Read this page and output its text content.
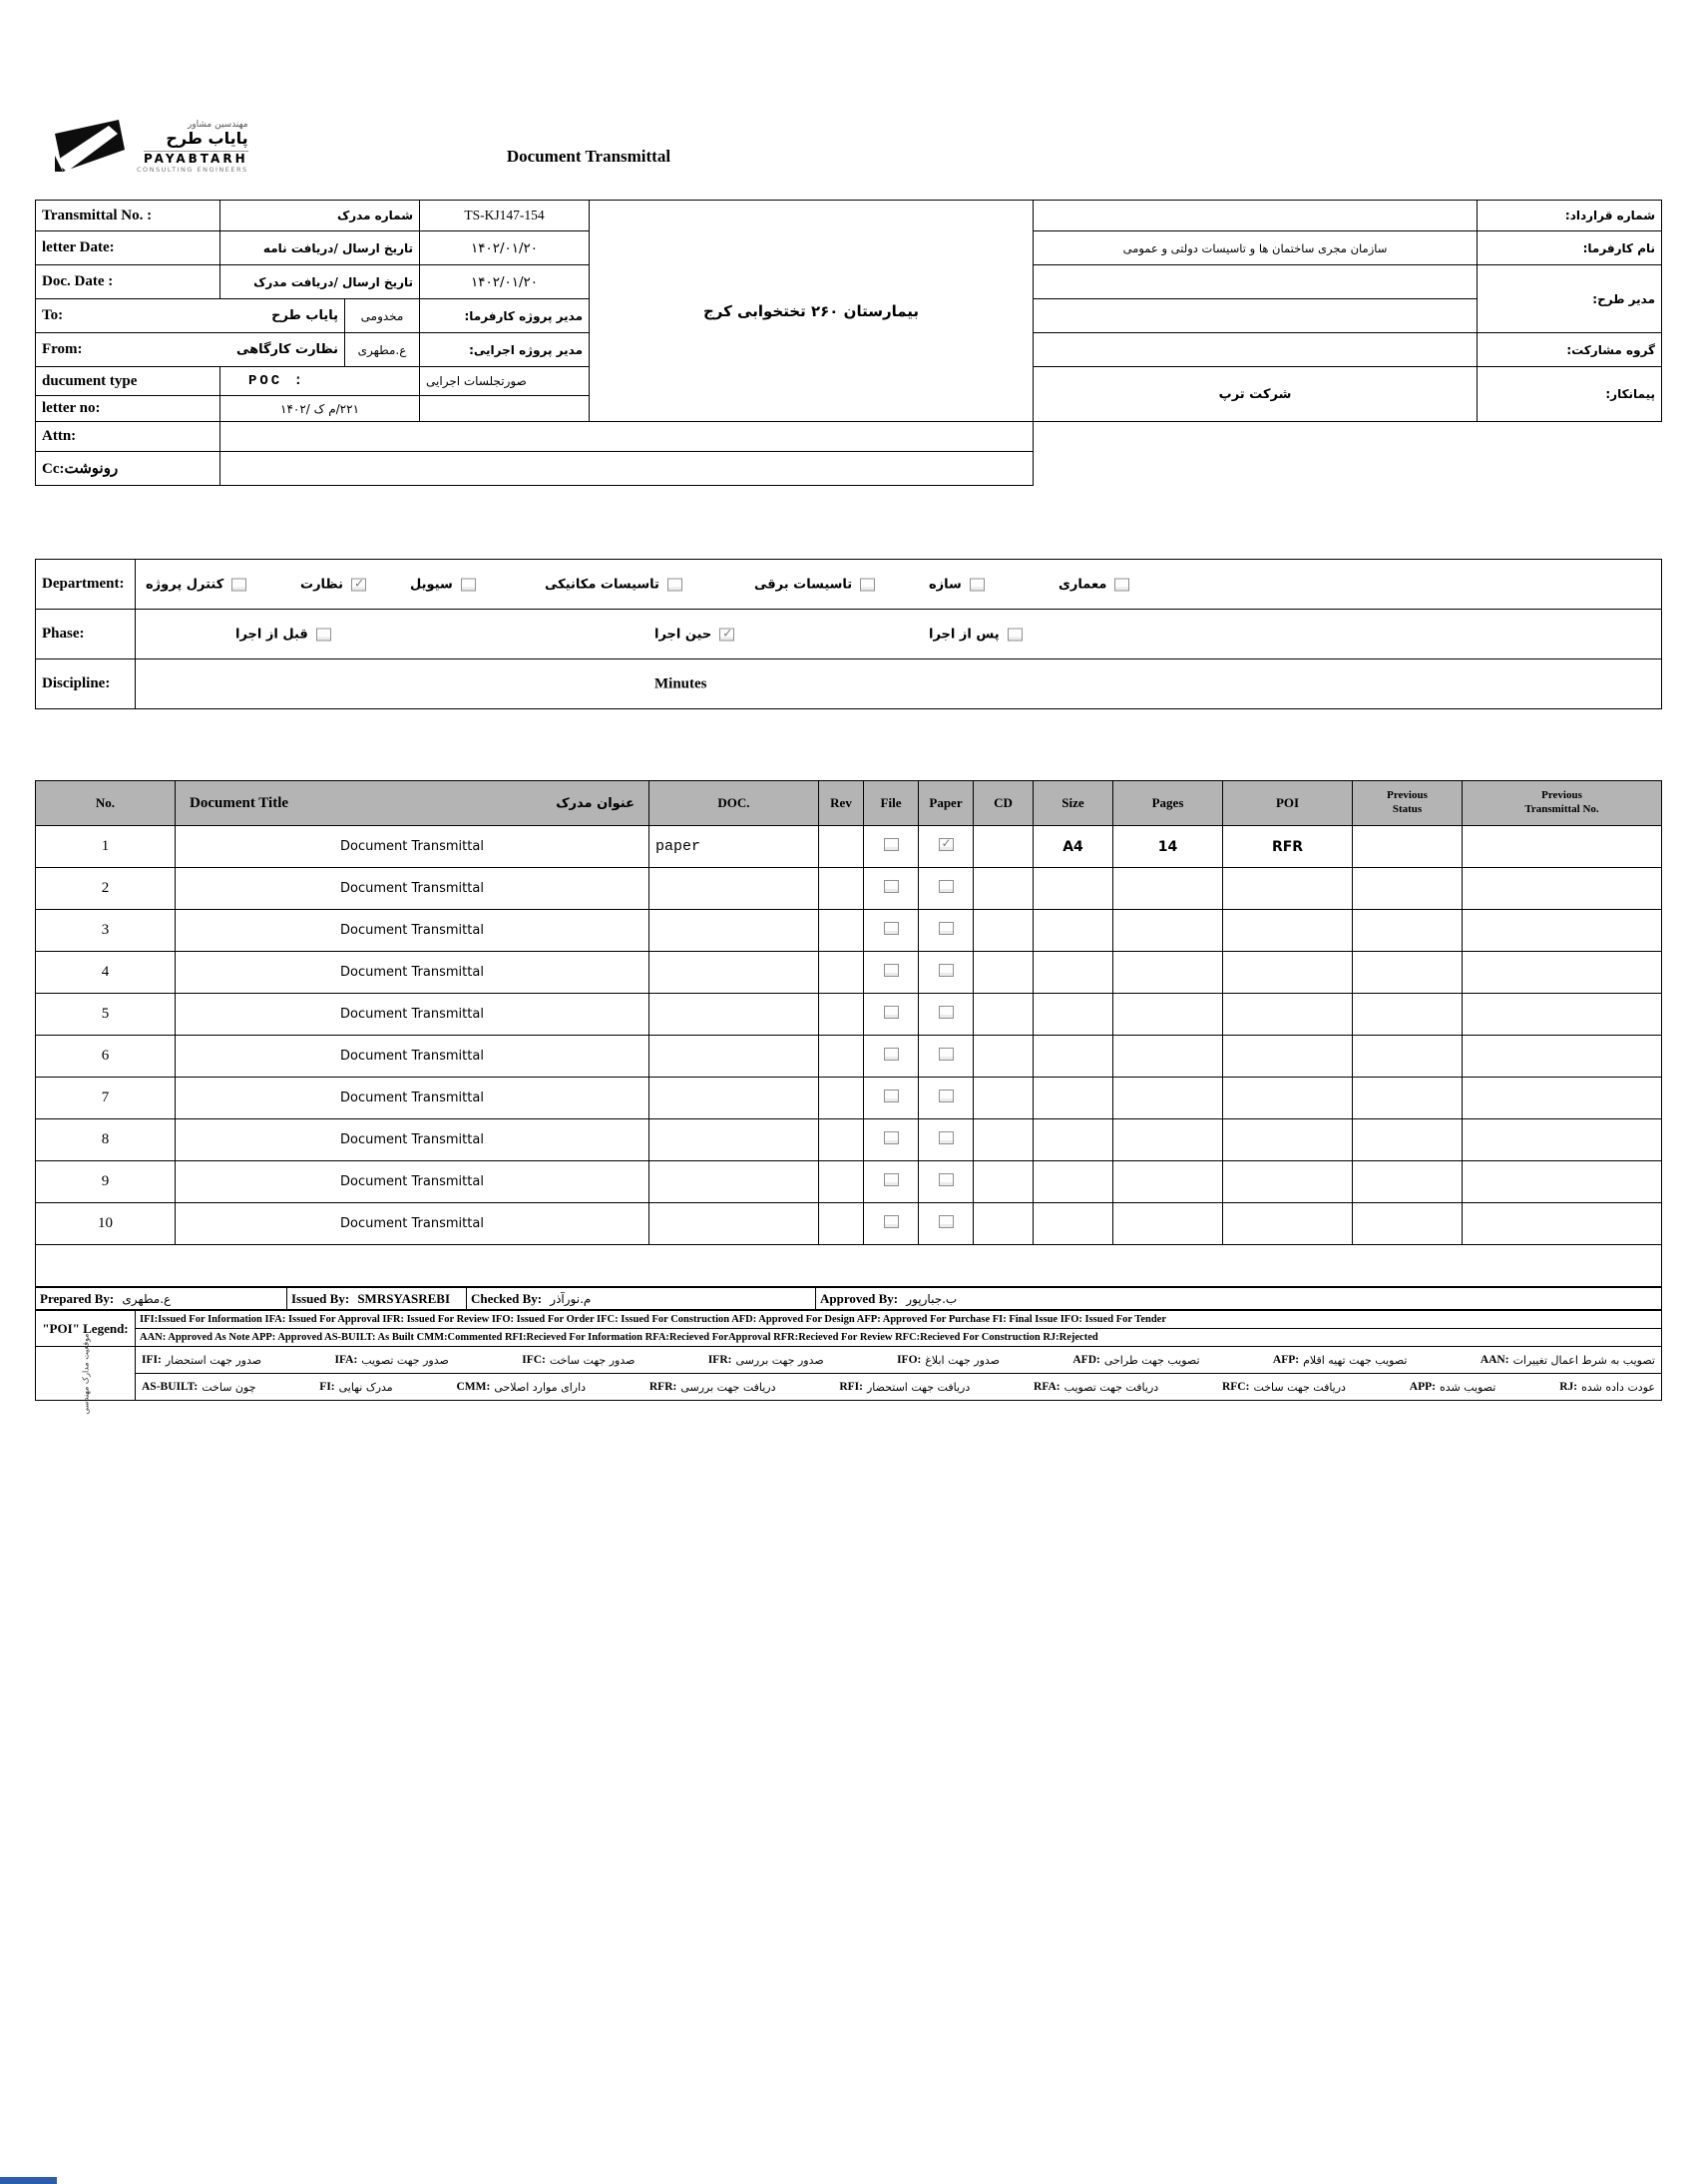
مهندسین مشاور
پایاب طرح
PAYABTARH
CONSULTING ENGINEERS
Document Transmittal
Transmittal No. :	شماره مدرک		TS-KJ147-154	بیمارستان ۲۶۰ تختخوابی کرج		شماره قرارداد:
letter Date:	تاریخ ارسال /دریافت نامه		۱۴۰۲/۰۱/۲۰		سازمان مجری ساختمان ها و تاسیسات دولتی و عمومی	نام کارفرما:
Doc. Date :	تاریخ ارسال /دریافت مدرک		۱۴۰۲/۰۱/۲۰			مدیر طرح:

To: پایاب طرح		مخدومی	مدیر پروژه کارفرما:			

From: نظارت کارگاهی		ع.مطهری	مدیر پروژه اجرایی:			گروه مشارکت:
ducument type	POC :		صورتجلسات اجرایی		شرکت ترپ	پیمانکار:
letter no:	۲۲۱/م ک /۱۴۰۲					
Attn:						
Cc:رونوشت						
Department:	کنترل پروژه	نظارت ✓	سیویل	تاسیسات مکانیکی	تاسیسات برقی	سازه	معماری

Phase:	قبل از اجرا حین اجرا ✓ پس از اجرا

Discipline:	Minutes
No.	Document Title عنوان مدرک	DOC.	Rev	File	Paper	CD	Size	Pages	POI	Previous Status	Previous Transmittal No.
1	Document Transmittal	paper			✓		A4	14	RFR		
2	Document Transmittal										
3	Document Transmittal										
4	Document Transmittal										
5	Document Transmittal										
6	Document Transmittal										
7	Document Transmittal										
8	Document Transmittal										
9	Document Transmittal										
10	Document Transmittal										

Prepared By: ع.مطهری	Issued By: SMRSYASREBI	Checked By: م.نورآذر	Approved By: ب.جبارپور
"POI" Legend:	IFI:Issued For Information IFA: Issued For Approval IFR: Issued For Review IFO: Issued For Order IFC: Issued For Construction AFD: Approved For Design AFP: Approved For Purchase FI: Final Issue IFO: Issued For Tender
	AAN: Approved As Note APP: Approved AS-BUILT: As Built CMM:Commented RFI:Recieved For Information RFA:Recieved ForApproval RFR:Recieved For Review RFC:Recieved For Construction RJ:Rejected

موقعیت مدارک مهندسی	IFI: صدور جهت استحضار	IFA: صدور جهت تصویب	IFC: صدور جهت ساخت	IFR: صدور جهت بررسی	IFO: صدور جهت ابلاغ	AFD: تصویب جهت طراحی	AFP: تصویب جهت تهیه اقلام	AAN: تصویب به شرط اعمال تغییرات

AS-BUILT: چون ساخت	FI: مدرک نهایی	CMM: دارای موارد اصلاحی	RFR: دریافت جهت بررسی	RFI: دریافت جهت استحضار	RFA: دریافت جهت تصویب	RFC: دریافت جهت ساخت	APP: تصویب شده	RJ: عودت داده شده
